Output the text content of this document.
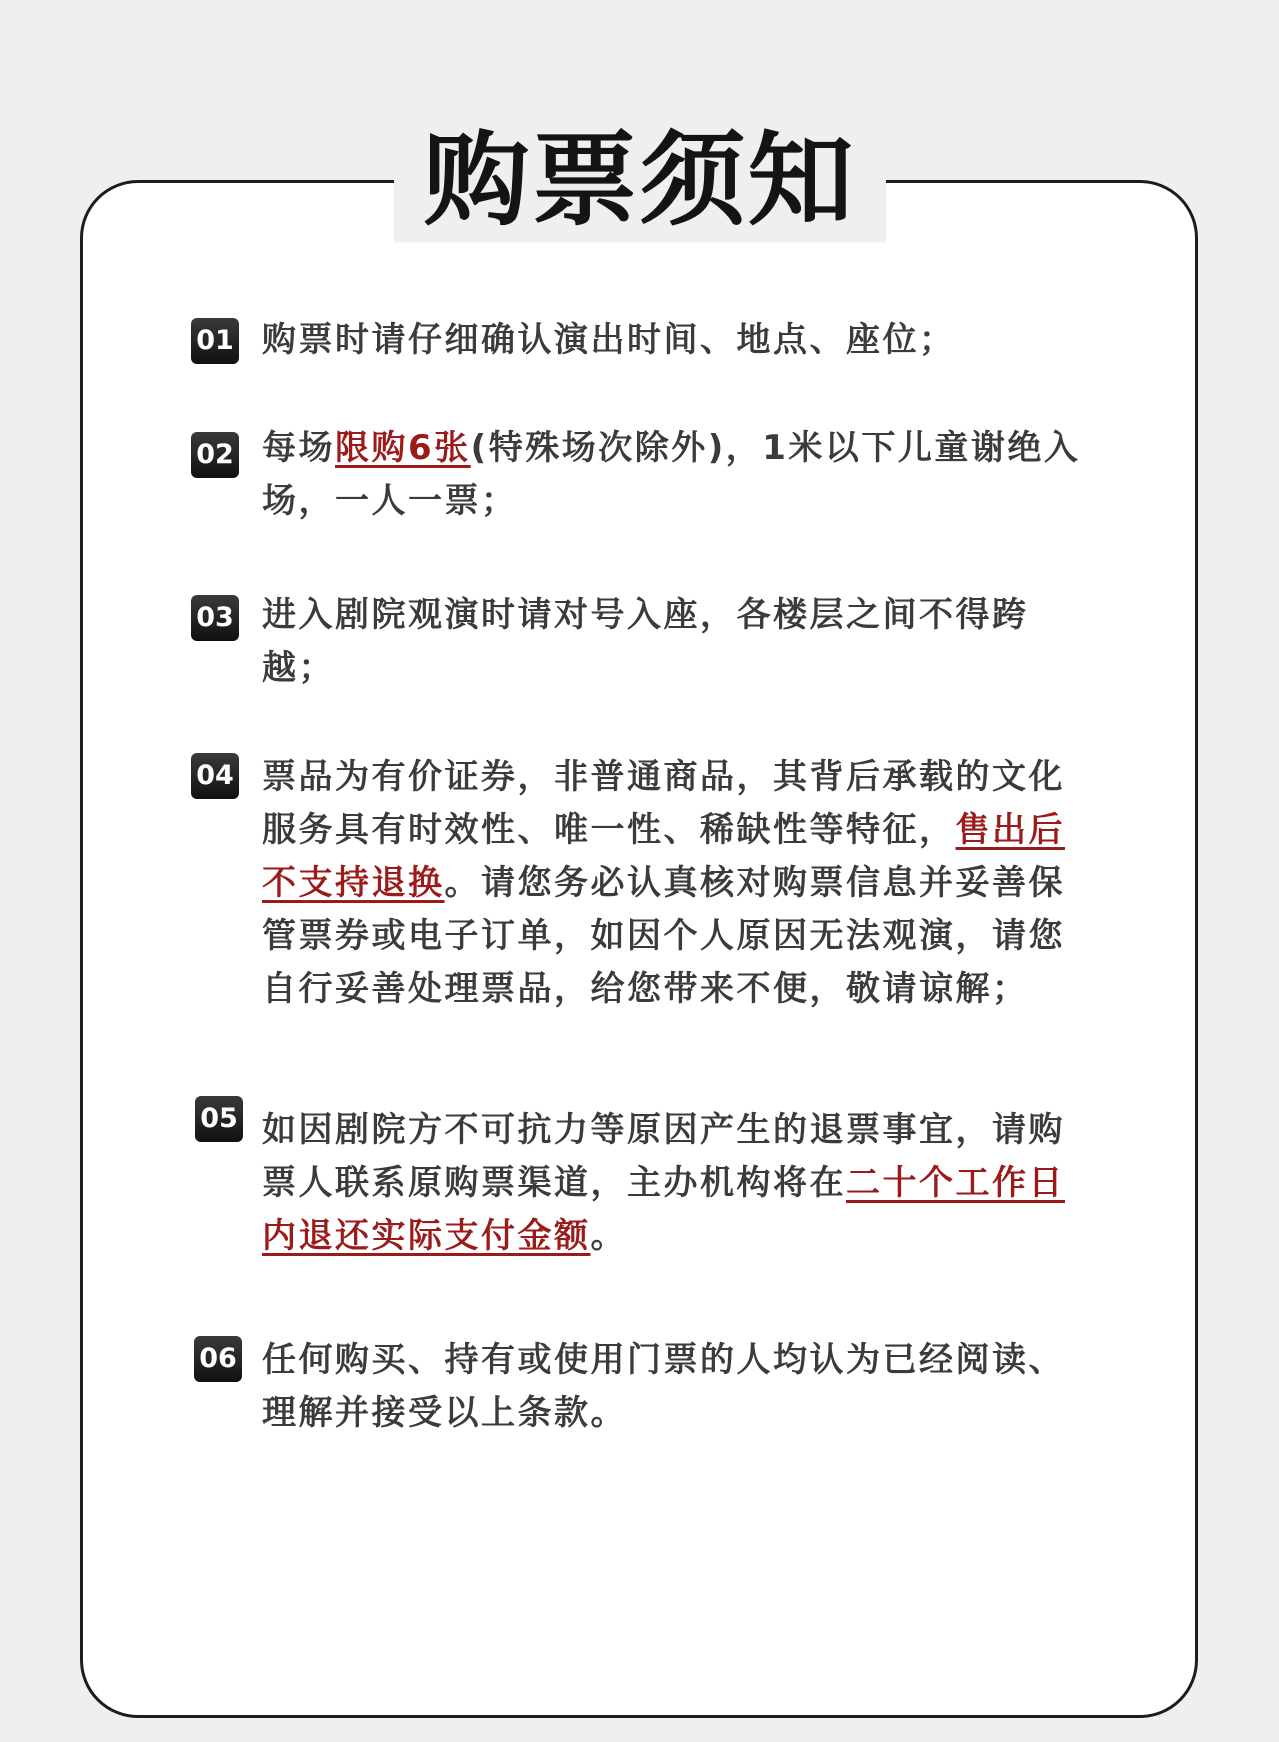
购票须知
01 购票时请仔细确认演出时间、地点、座位；
02 每场限购6张(特殊场次除外)，1米以下儿童谢绝入场，一人一票；
03 进入剧院观演时请对号入座，各楼层之间不得跨越；
04 票品为有价证券，非普通商品，其背后承载的文化服务具有时效性、唯一性、稀缺性等特征，售出后不支持退换。请您务必认真核对购票信息并妥善保管票券或电子订单，如因个人原因无法观演，请您自行妥善处理票品，给您带来不便，敬请谅解；
05 如因剧院方不可抗力等原因产生的退票事宜，请购票人联系原购票渠道，主办机构将在二十个工作日内退还实际支付金额。
06 任何购买、持有或使用门票的人均认为已经阅读、理解并接受以上条款。
